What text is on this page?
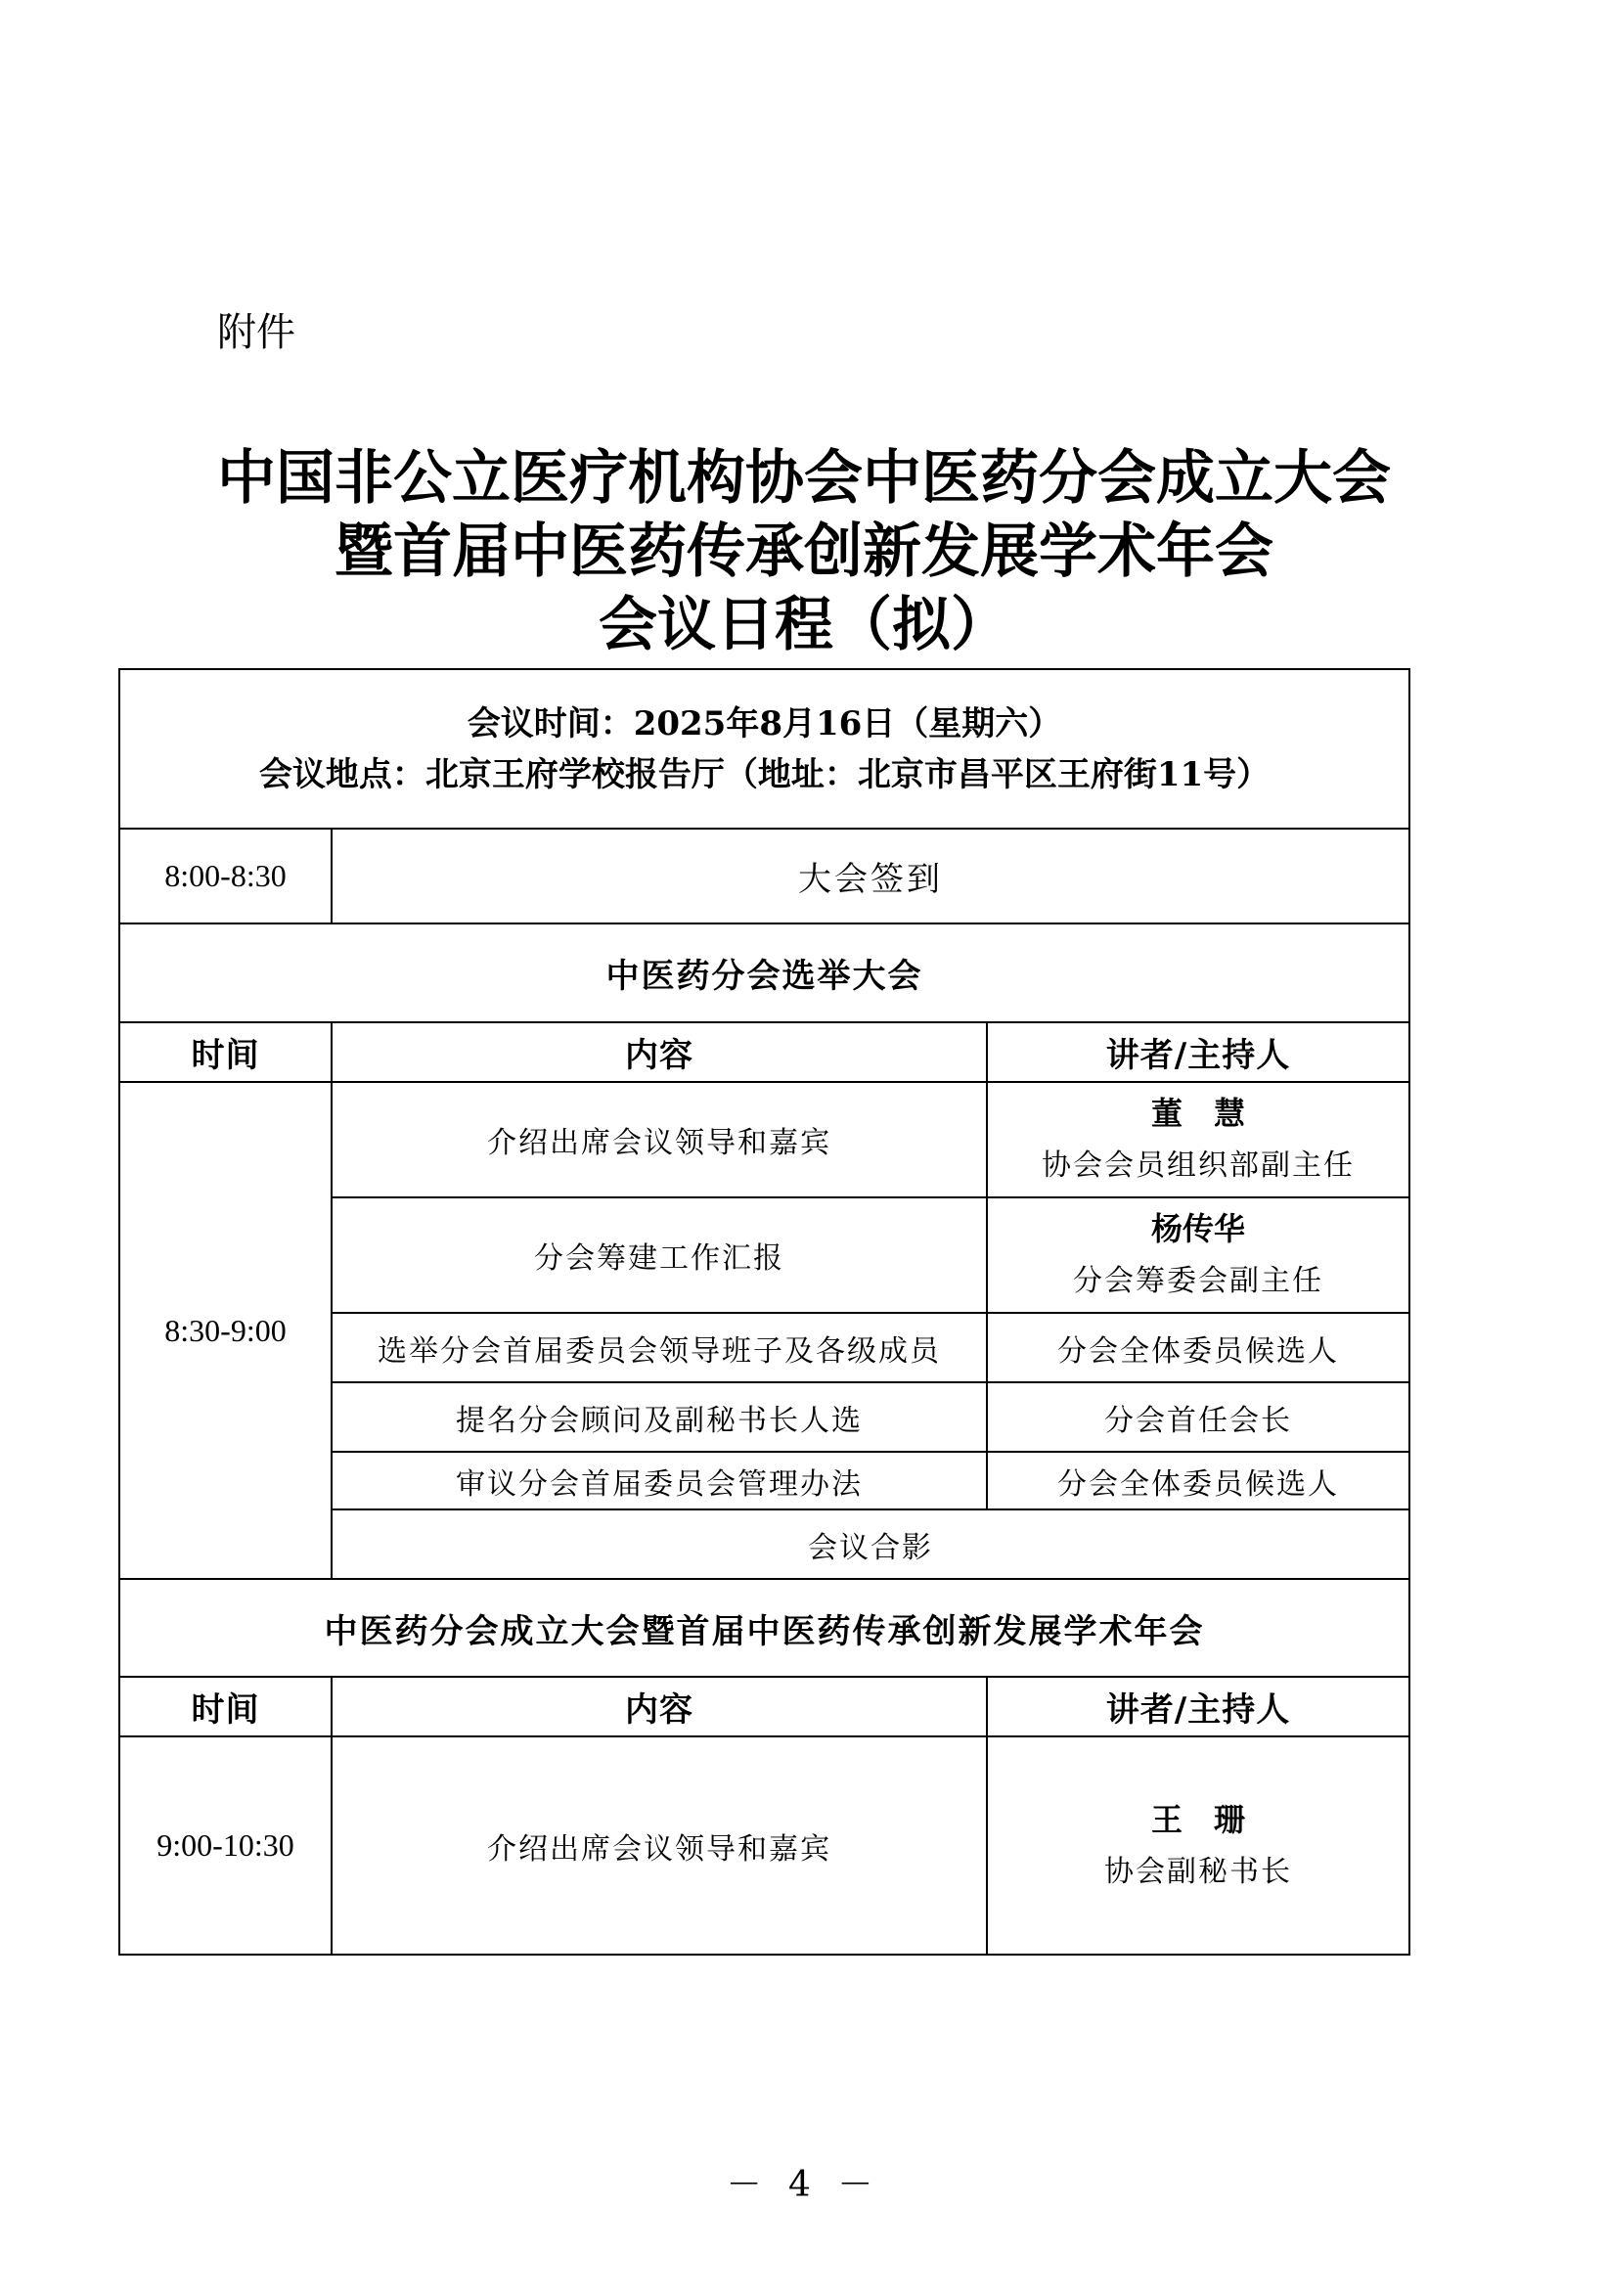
附件
中国非公立医疗机构协会中医药分会成立大会
暨首届中医药传承创新发展学术年会
会议日程（拟）
会议时间：2025年8月16日（星期六）
会议地点：北京王府学校报告厅（地址：北京市昌平区王府街11号）		

8:00-8:30	大会签到	
中医药分会选举大会		
时间	内容	讲者/主持人
8:30-9:00	介绍出席会议领导和嘉宾	董　慧
协会会员组织部副主任

	分会筹建工作汇报	杨传华
分会筹委会副主任

	选举分会首届委员会领导班子及各级成员	分会全体委员候选人
	提名分会顾问及副秘书长人选	分会首任会长
	审议分会首届委员会管理办法	分会全体委员候选人
	会议合影	
中医药分会成立大会暨首届中医药传承创新发展学术年会		
时间	内容	讲者/主持人
9:00-10:30	介绍出席会议领导和嘉宾	王　珊
协会副秘书长
－ 4 －
